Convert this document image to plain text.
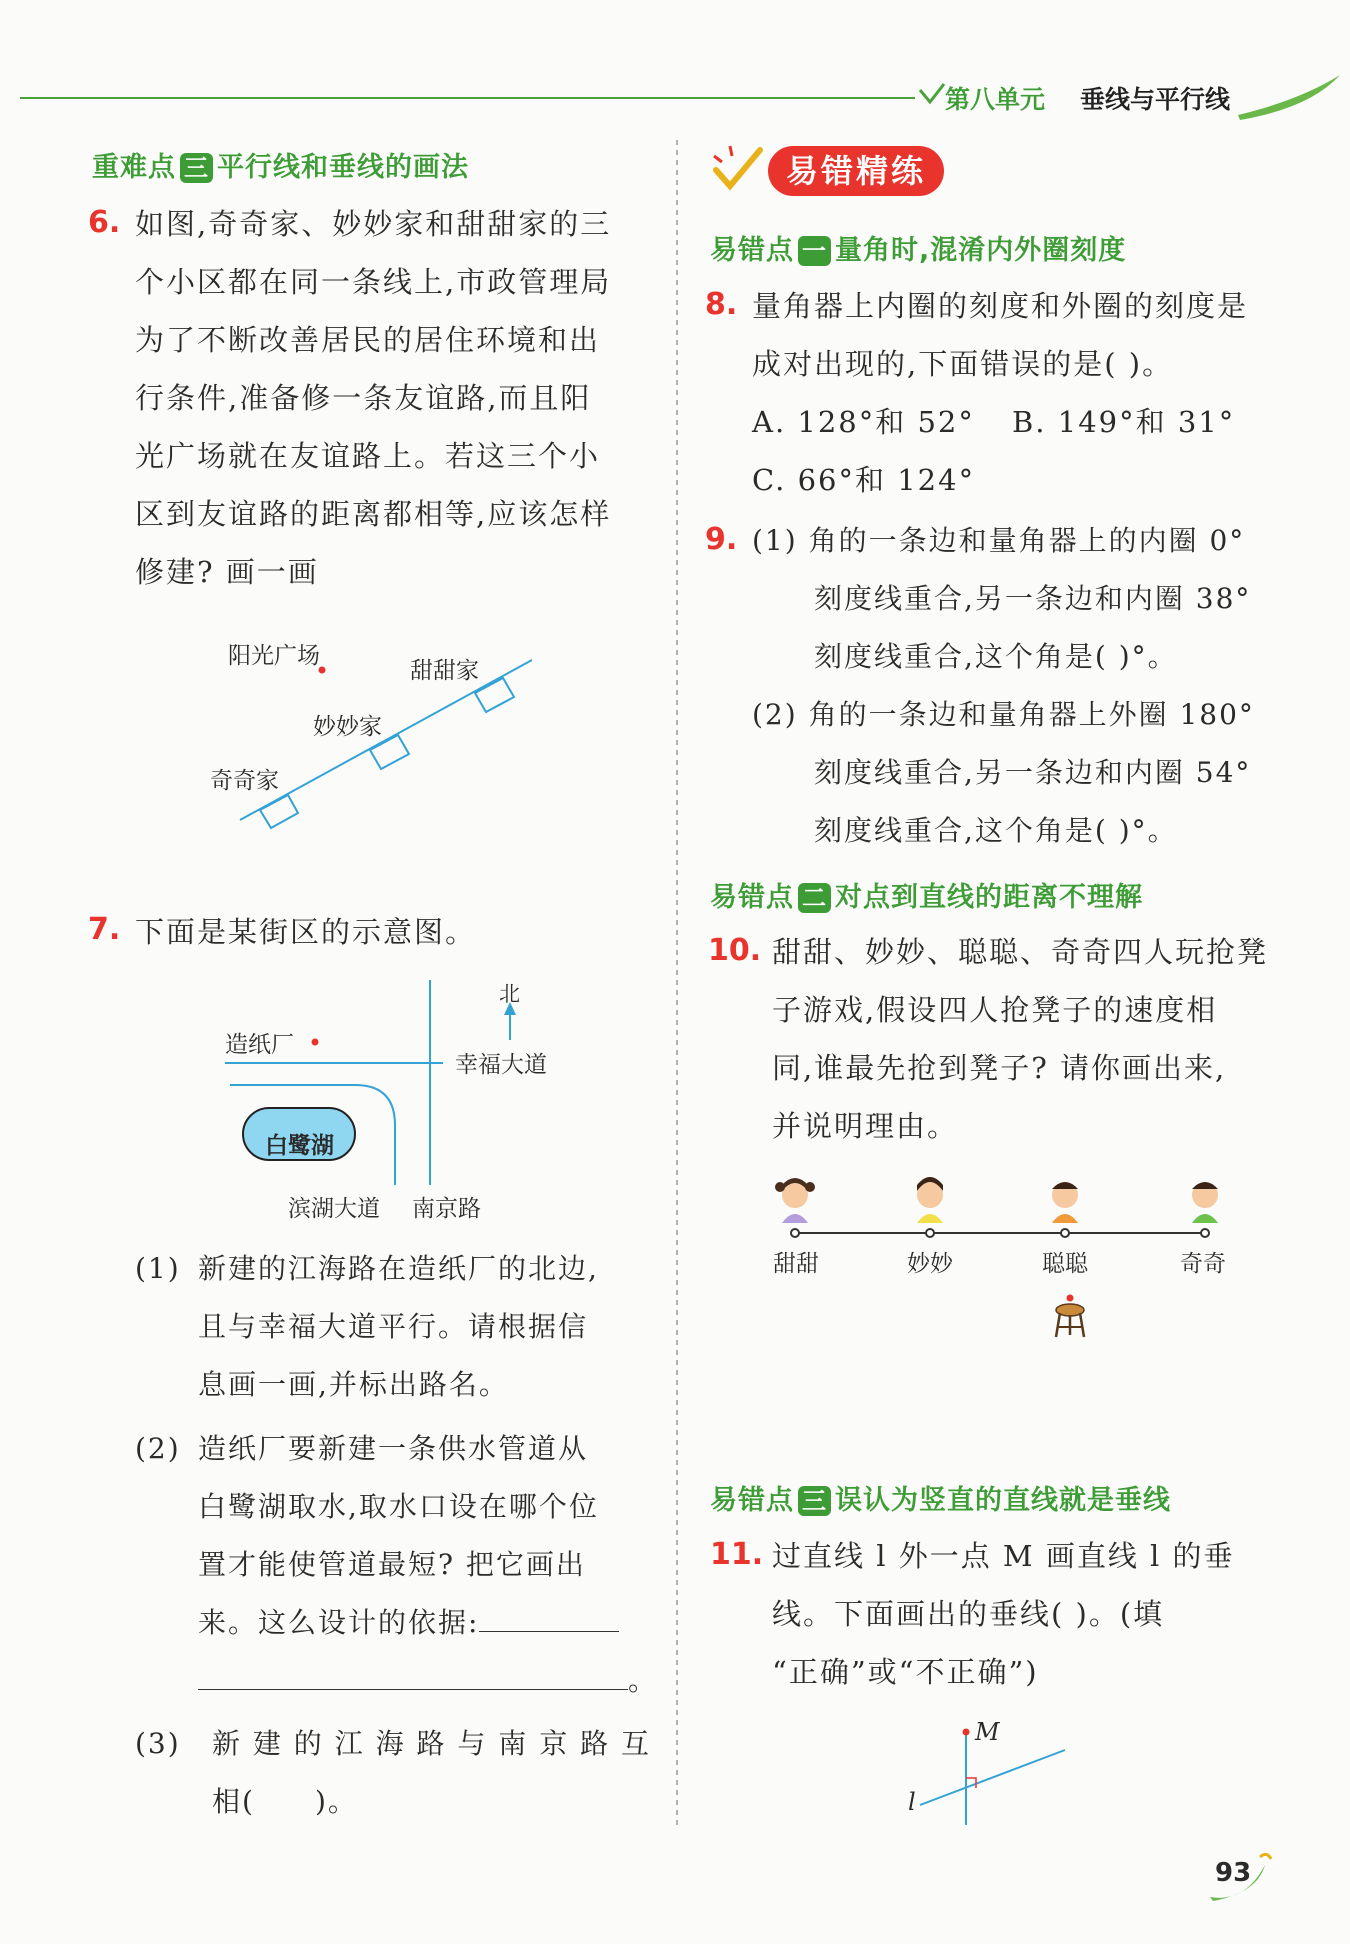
第八单元 垂线与平行线
重难点 三 平行线和垂线的画法
6. 如图,奇奇家、妙妙家和甜甜家的三
个小区都在同一条线上,市政管理局
为了不断改善居民的居住环境和出
行条件,准备修一条友谊路,而且阳
光广场就在友谊路上。若这三个小
区到友谊路的距离都相等,应该怎样
修建? 画一画
阳光广场
甜甜家
妙妙家
奇奇家
7. 下面是某街区的示意图。
北
造纸厂
幸福大道
白鹭湖
滨湖大道 南京路
(1) 新建的江海路在造纸厂的北边,
且与幸福大道平行。请根据信
息画一画,并标出路名。
(2) 造纸厂要新建一条供水管道从
白鹭湖取水,取水口设在哪个位
置才能使管道最短? 把它画出
来。这么设计的依据:
。
(3) 新 建 的 江 海 路 与 南 京 路 互
相( )。
易错精练
易错点 一 量角时,混淆内外圈刻度
8. 量角器上内圈的刻度和外圈的刻度是
成对出现的,下面错误的是( )。
A. 128°和 52°
C. 66°和 124°
B. 149°和 31°
9. (1) 角的一条边和量角器上的内圈 0°
刻度线重合,另一条边和内圈 38°
刻度线重合,这个角是( )°。
(2) 角的一条边和量角器上外圈 180°
刻度线重合,另一条边和内圈 54°
刻度线重合,这个角是( )°。
易错点 二 对点到直线的距离不理解
10. 甜甜、妙妙、聪聪、奇奇四人玩抢凳
子游戏,假设四人抢凳子的速度相
同,谁最先抢到凳子? 请你画出来,
并说明理由。
甜甜	妙妙	聪聪	奇奇
易错点 三 误认为竖直的直线就是垂线
11. 过直线 l 外一点 M 画直线 l 的垂
线。下面画出的垂线( )。(填
“正确”或“不正确”)
M
l
93
